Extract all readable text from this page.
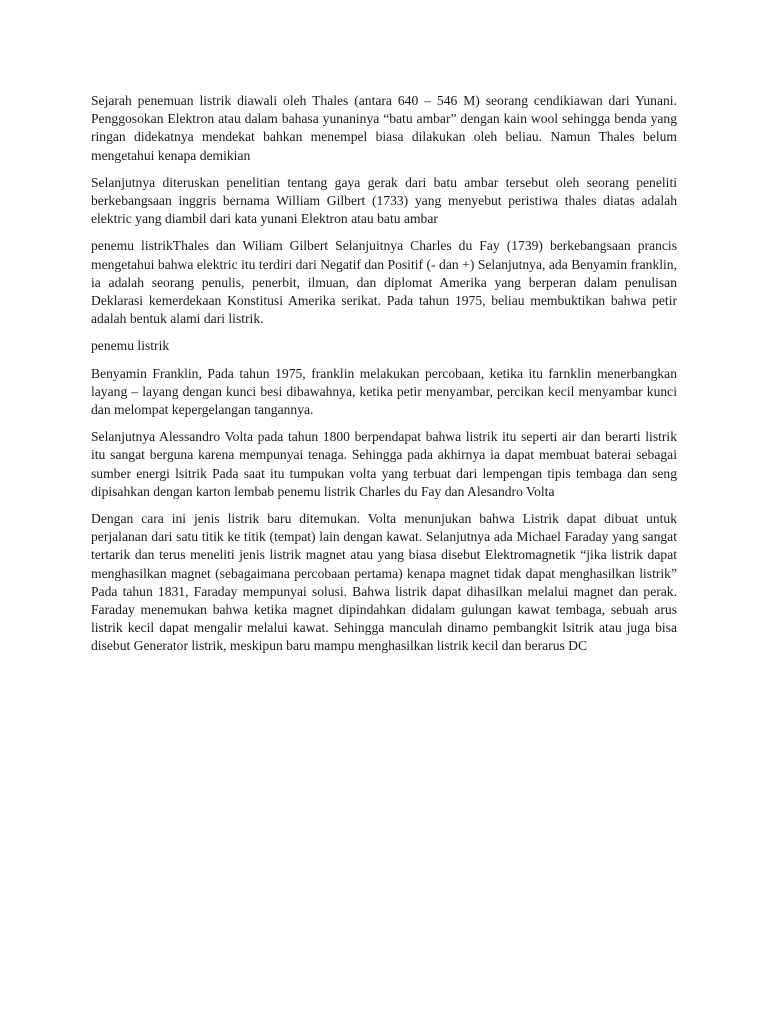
Sejarah penemuan listrik diawali oleh Thales (antara 640 – 546 M) seorang cendikiawan dari Yunani. Penggosokan Elektron atau dalam bahasa yunaninya “batu ambar” dengan kain wool sehingga benda yang ringan didekatnya mendekat bahkan menempel biasa dilakukan oleh beliau. Namun Thales belum mengetahui kenapa demikian

Selanjutnya diteruskan penelitian tentang gaya gerak dari batu ambar tersebut oleh seorang peneliti berkebangsaan inggris bernama William Gilbert (1733) yang menyebut peristiwa thales diatas adalah elektric yang diambil dari kata yunani Elektron atau batu ambar

penemu listrikThales dan Wiliam Gilbert Selanjuitnya Charles du Fay (1739) berkebangsaan prancis mengetahui bahwa elektric itu terdiri dari Negatif dan Positif (- dan +) Selanjutnya, ada Benyamin franklin, ia adalah seorang penulis, penerbit, ilmuan, dan diplomat Amerika yang berperan dalam penulisan Deklarasi kemerdekaan Konstitusi Amerika serikat. Pada tahun 1975, beliau membuktikan bahwa petir adalah bentuk alami dari listrik.

penemu listrik

Benyamin Franklin, Pada tahun 1975, franklin melakukan percobaan, ketika itu farnklin menerbangkan layang – layang dengan kunci besi dibawahnya, ketika petir menyambar, percikan kecil menyambar kunci dan melompat kepergelangan tangannya.

Selanjutnya Alessandro Volta pada tahun 1800 berpendapat bahwa listrik itu seperti air dan berarti listrik itu sangat berguna karena mempunyai tenaga. Sehingga pada akhirnya ia dapat membuat baterai sebagai sumber energi lsitrik Pada saat itu tumpukan volta yang terbuat dari lempengan tipis tembaga dan seng dipisahkan dengan karton lembab penemu listrik Charles du Fay dan Alesandro Volta

Dengan cara ini jenis listrik baru ditemukan. Volta menunjukan bahwa Listrik dapat dibuat untuk perjalanan dari satu titik ke titik (tempat) lain dengan kawat. Selanjutnya ada Michael Faraday yang sangat tertarik dan terus meneliti jenis listrik magnet atau yang biasa disebut Elektromagnetik “jika listrik dapat menghasilkan magnet (sebagaimana percobaan pertama) kenapa magnet tidak dapat menghasilkan listrik” Pada tahun 1831, Faraday mempunyai solusi. Bahwa listrik dapat dihasilkan melalui magnet dan perak. Faraday menemukan bahwa ketika magnet dipindahkan didalam gulungan kawat tembaga, sebuah arus listrik kecil dapat mengalir melalui kawat. Sehingga manculah dinamo pembangkit lsitrik atau juga bisa disebut Generator listrik, meskipun baru mampu menghasilkan listrik kecil dan berarus DC
